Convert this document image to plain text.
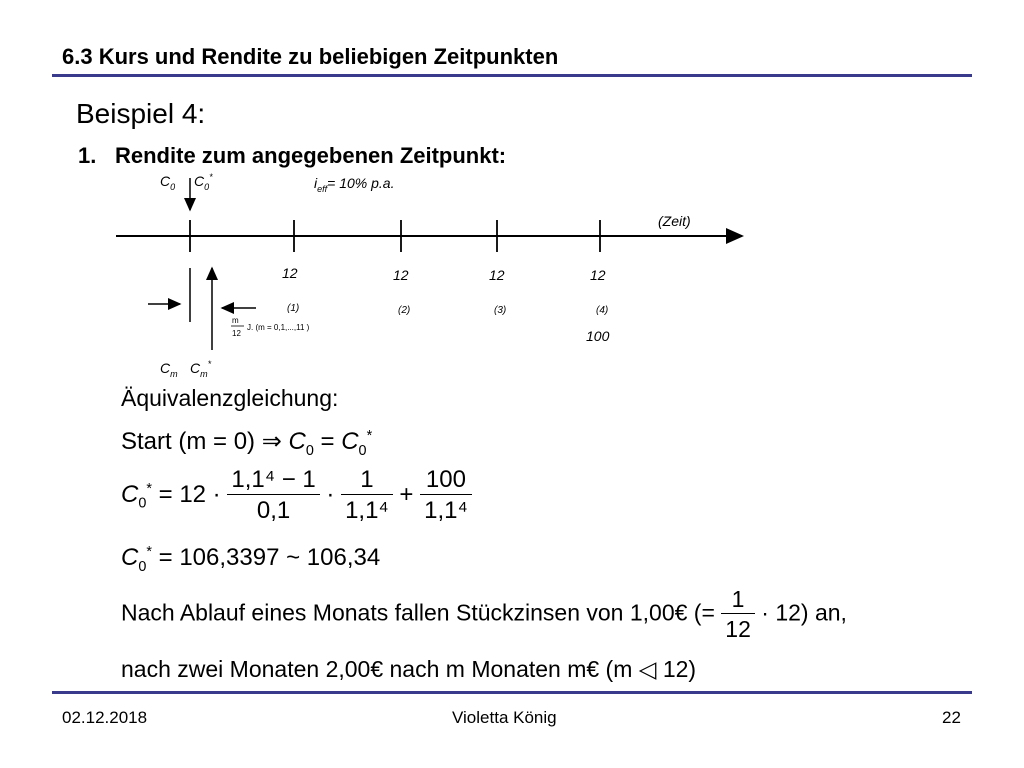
6.3 Kurs und Rendite zu beliebigen Zeitpunkten
Beispiel 4:
1. Rendite zum angegebenen Zeitpunkt:
$C_0$ $C_0^*$	$i_{eff}= 10\%$ p.a.
(Zeit)
12	12	12	12
(1)	(2)	(3)	(4)
100
m
12
J. (m = 0,1,...,11 )
$C_m$ $C_m^*$
Äquivalenzgleichung:
Start (m = 0) ⇒ $C_0 = C_0^*$
$C_0^* = 12 \cdot \frac{\text{1,1⁴ − 1}}{0,1} \cdot \frac{1}{\text{1,1⁴}} + \frac{100}{\text{1,1⁴}}$
$C_0^* = 106,3397$ ~ 106,34
Nach Ablauf eines Monats fallen Stückzinsen von 1,00€ (= $\frac{1}{12} \cdot 12$) an,
nach zwei Monaten 2,00€ nach m Monaten m€ (m ◁ 12)
02.12.2018	Violetta König	22
